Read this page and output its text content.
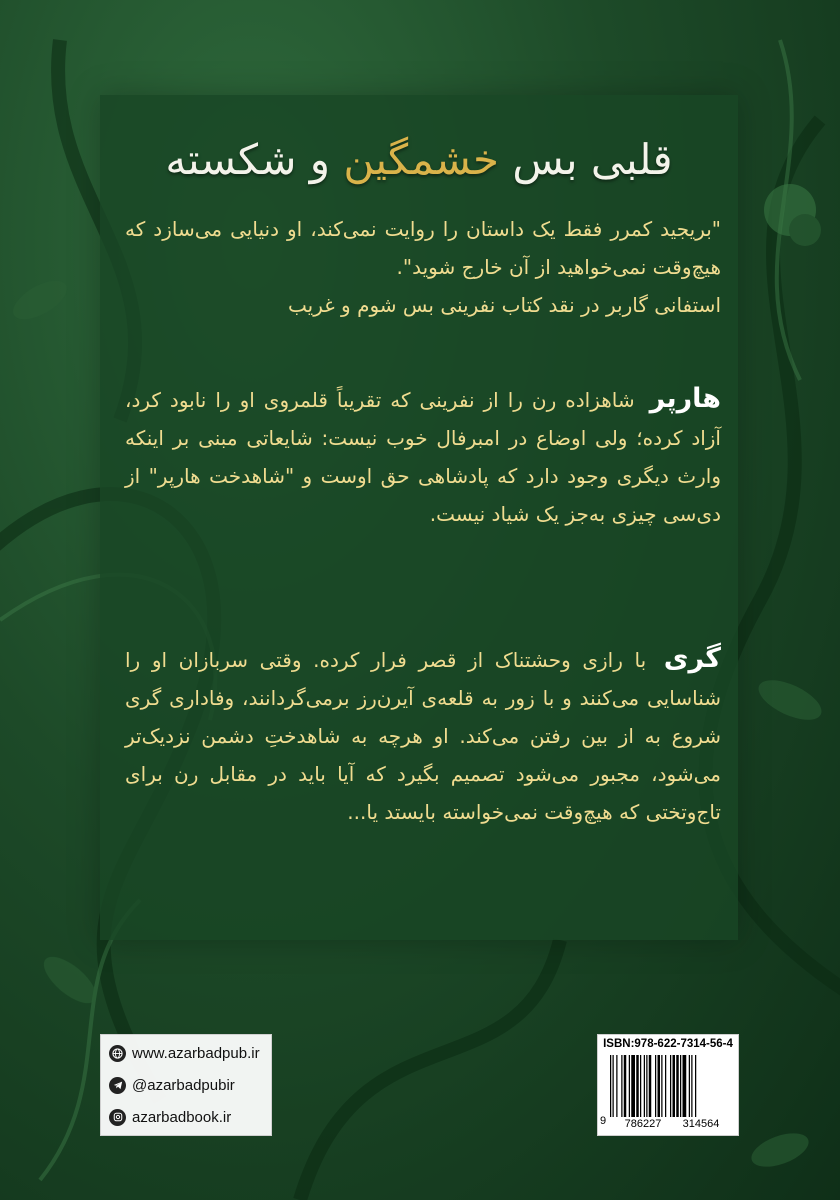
قلبی بس خشمگین و شکسته
"بریجید کمرر فقط یک داستان را روایت نمی‌کند، او دنیایی می‌سازد که هیچ‌وقت نمی‌خواهید از آن خارج شوید".
استفانی گاربر در نقد کتاب نفرینی بس شوم و غریب
هارپر شاهزاده رن را از نفرینی که تقریباً قلمروی او را نابود کرد، آزاد کرده؛ ولی اوضاع در امبرفال خوب نیست: شایعاتی مبنی بر اینکه وارث دیگری وجود دارد که پادشاهی حق اوست و "شاهدخت هارپر" از دی‌سی چیزی به‌جز یک شیاد نیست.
گری با رازی وحشتناک از قصر فرار کرده. وقتی سربازان او را شناسایی می‌کنند و با زور به قلعه‌ی آیرن‌رز برمی‌گردانند، وفاداری گری شروع به از بین رفتن می‌کند. او هرچه به شاهدختِ دشمن نزدیک‌تر می‌شود، مجبور می‌شود تصمیم بگیرد که آیا باید در مقابل رن برای تاج‌وتختی که هیچ‌وقت نمی‌خواسته بایستد یا...
www.azarbadpub.ir
@azarbadpubir
azarbadbook.ir
ISBN:978-622-7314-56-4
9	786227	314564
